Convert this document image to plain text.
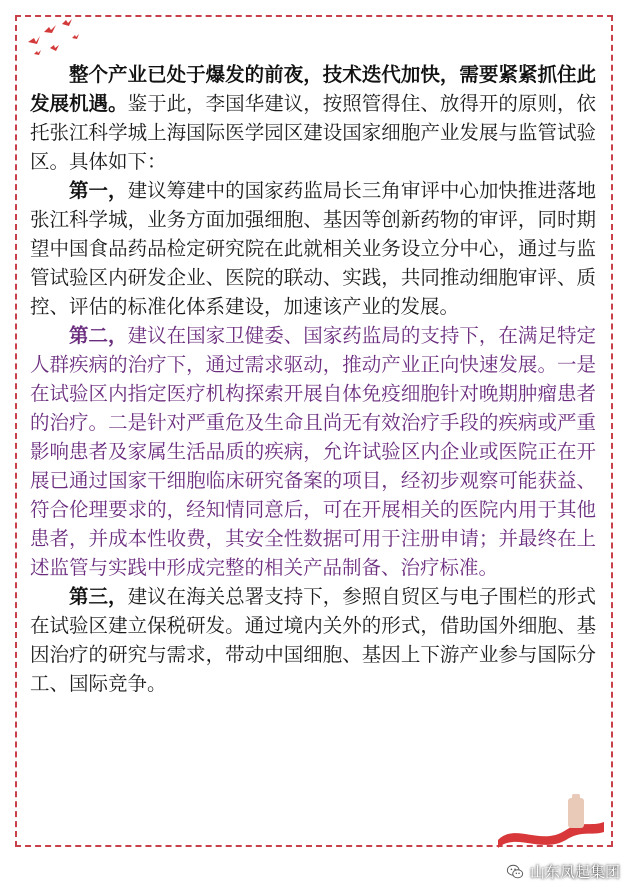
整个产业已处于爆发的前夜，技术迭代加快，需要紧紧抓住此发展机遇。鉴于此，李国华建议，按照管得住、放得开的原则，依托张江科学城上海国际医学园区建设国家细胞产业发展与监管试验区。具体如下：

第一，建议筹建中的国家药监局长三角审评中心加快推进落地张江科学城，业务方面加强细胞、基因等创新药物的审评，同时期望中国食品药品检定研究院在此就相关业务设立分中心，通过与监管试验区内研发企业、医院的联动、实践，共同推动细胞审评、质控、评估的标准化体系建设，加速该产业的发展。

第二，建议在国家卫健委、国家药监局的支持下，在满足特定人群疾病的治疗下，通过需求驱动，推动产业正向快速发展。一是在试验区内指定医疗机构探索开展自体免疫细胞针对晚期肿瘤患者的治疗。二是针对严重危及生命且尚无有效治疗手段的疾病或严重影响患者及家属生活品质的疾病，允许试验区内企业或医院正在开展已通过国家干细胞临床研究备案的项目，经初步观察可能获益、符合伦理要求的，经知情同意后，可在开展相关的医院内用于其他患者，并成本性收费，其安全性数据可用于注册申请；并最终在上述监管与实践中形成完整的相关产品制备、治疗标准。

第三，建议在海关总署支持下，参照自贸区与电子围栏的形式在试验区建立保税研发。通过境内关外的形式，借助国外细胞、基因治疗的研究与需求，带动中国细胞、基因上下游产业参与国际分工、国际竞争。

山东凤起集团
